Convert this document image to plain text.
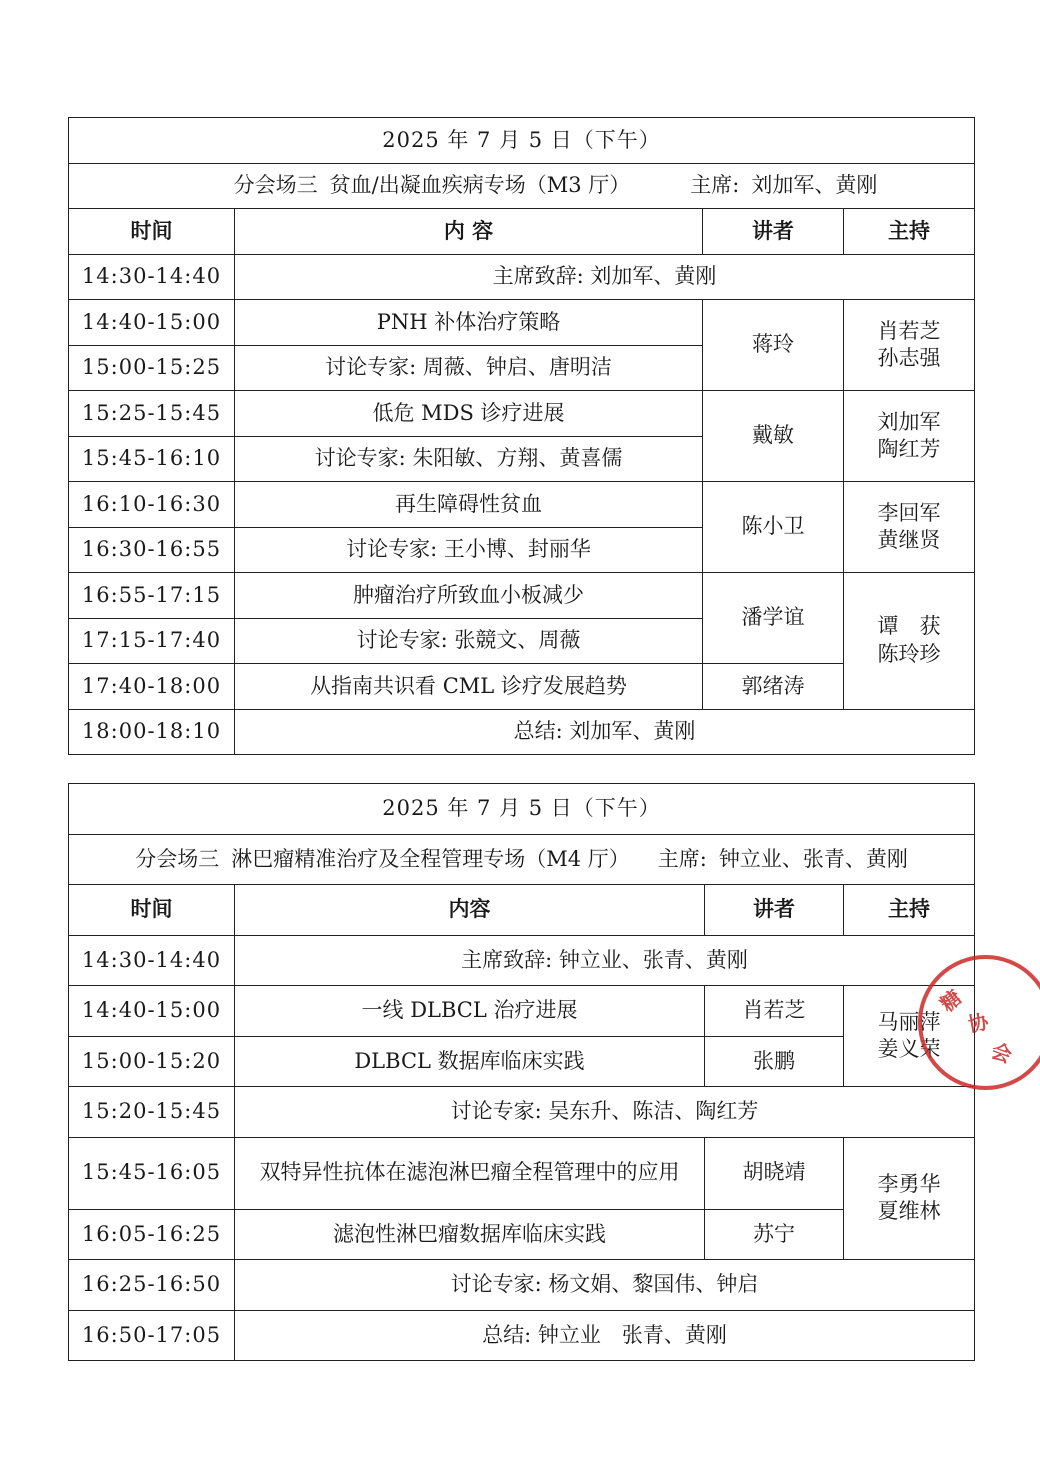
2025 年 7 月 5 日（下午）			
分会场三 贫血/出凝血疾病专场（M3 厅） 主席: 刘加军、黄刚			
时间	内 容	讲者	主持
14:30-14:40	主席致辞: 刘加军、黄刚		
14:40-15:00	PNH 补体治疗策略	蒋玲	肖若芝
孙志强

15:00-15:25	讨论专家: 周薇、钟启、唐明洁		
15:25-15:45	低危 MDS 诊疗进展	戴敏	刘加军
陶红芳

15:45-16:10	讨论专家: 朱阳敏、方翔、黄喜儒		
16:10-16:30	再生障碍性贫血	陈小卫	李回军
黄继贤

16:30-16:55	讨论专家: 王小博、封丽华		
16:55-17:15	肿瘤治疗所致血小板减少	潘学谊	谭　获
陈玲珍

17:15-17:40	讨论专家: 张競文、周薇		
17:40-18:00	从指南共识看 CML 诊疗发展趋势	郭绪涛	
18:00-18:10	总结: 刘加军、黄刚		
2025 年 7 月 5 日（下午）			
分会场三 淋巴瘤精准治疗及全程管理专场（M4 厅） 主席: 钟立业、张青、黄刚			
时间	内容	讲者	主持
14:30-14:40	主席致辞: 钟立业、张青、黄刚		
14:40-15:00	一线 DLBCL 治疗进展	肖若芝	马丽萍
姜义荣

15:00-15:20	DLBCL 数据库临床实践	张鹏	
15:20-15:45	讨论专家: 吴东升、陈洁、陶红芳		
15:45-16:05	双特异性抗体在滤泡淋巴瘤全程管理中的应用	胡晓靖	李勇华
夏维林

16:05-16:25	滤泡性淋巴瘤数据库临床实践	苏宁	
16:25-16:50	讨论专家: 杨文娟、黎国伟、钟启		
16:50-17:05	总结: 钟立业　张青、黄刚		
糖
协
会
